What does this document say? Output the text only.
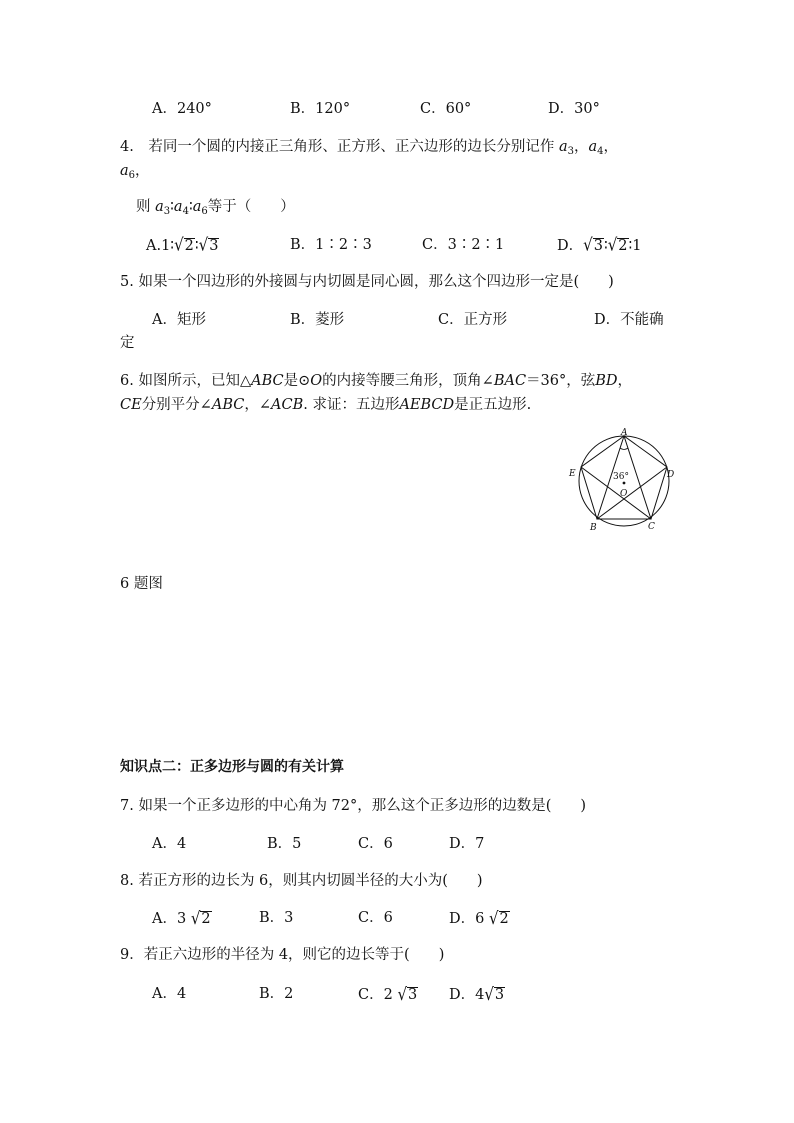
A．240°	B．120°	C．60°	D．30°
4.　若同一个圆的内接正三角形、正方形、正六边形的边长分别记作 $a_3$，$a_4$，
$a_6$，
则 $a_3∶a_4∶a_6$等于（　　）
A.1∶√2∶√3	B．1∶2∶3	C．3∶2∶1	D．√3∶√2∶1
5. 如果一个四边形的外接圆与内切圆是同心圆，那么这个四边形一定是(　　)
A．矩形	B．菱形	C．正方形	D．不能确
定
6. 如图所示，已知△ABC是⊙O的内接等腰三角形，顶角∠BAC＝36°，弦BD，
CE分别平分∠ABC，∠ACB. 求证：五边形AEBCD是正五边形.
A
B	C
D
E
O
36°
6 题图
知识点二：正多边形与圆的有关计算
7. 如果一个正多边形的中心角为 72°，那么这个正多边形的边数是(　　)
A．4	B．5	C．6	D．7
8. 若正方形的边长为 6，则其内切圆半径的大小为(　　)
A．3 √2	B．3	C．6	D．6 √2
9．若正六边形的半径为 4，则它的边长等于(　　)
A．4	B．2	C．2 √3 D．4√3
